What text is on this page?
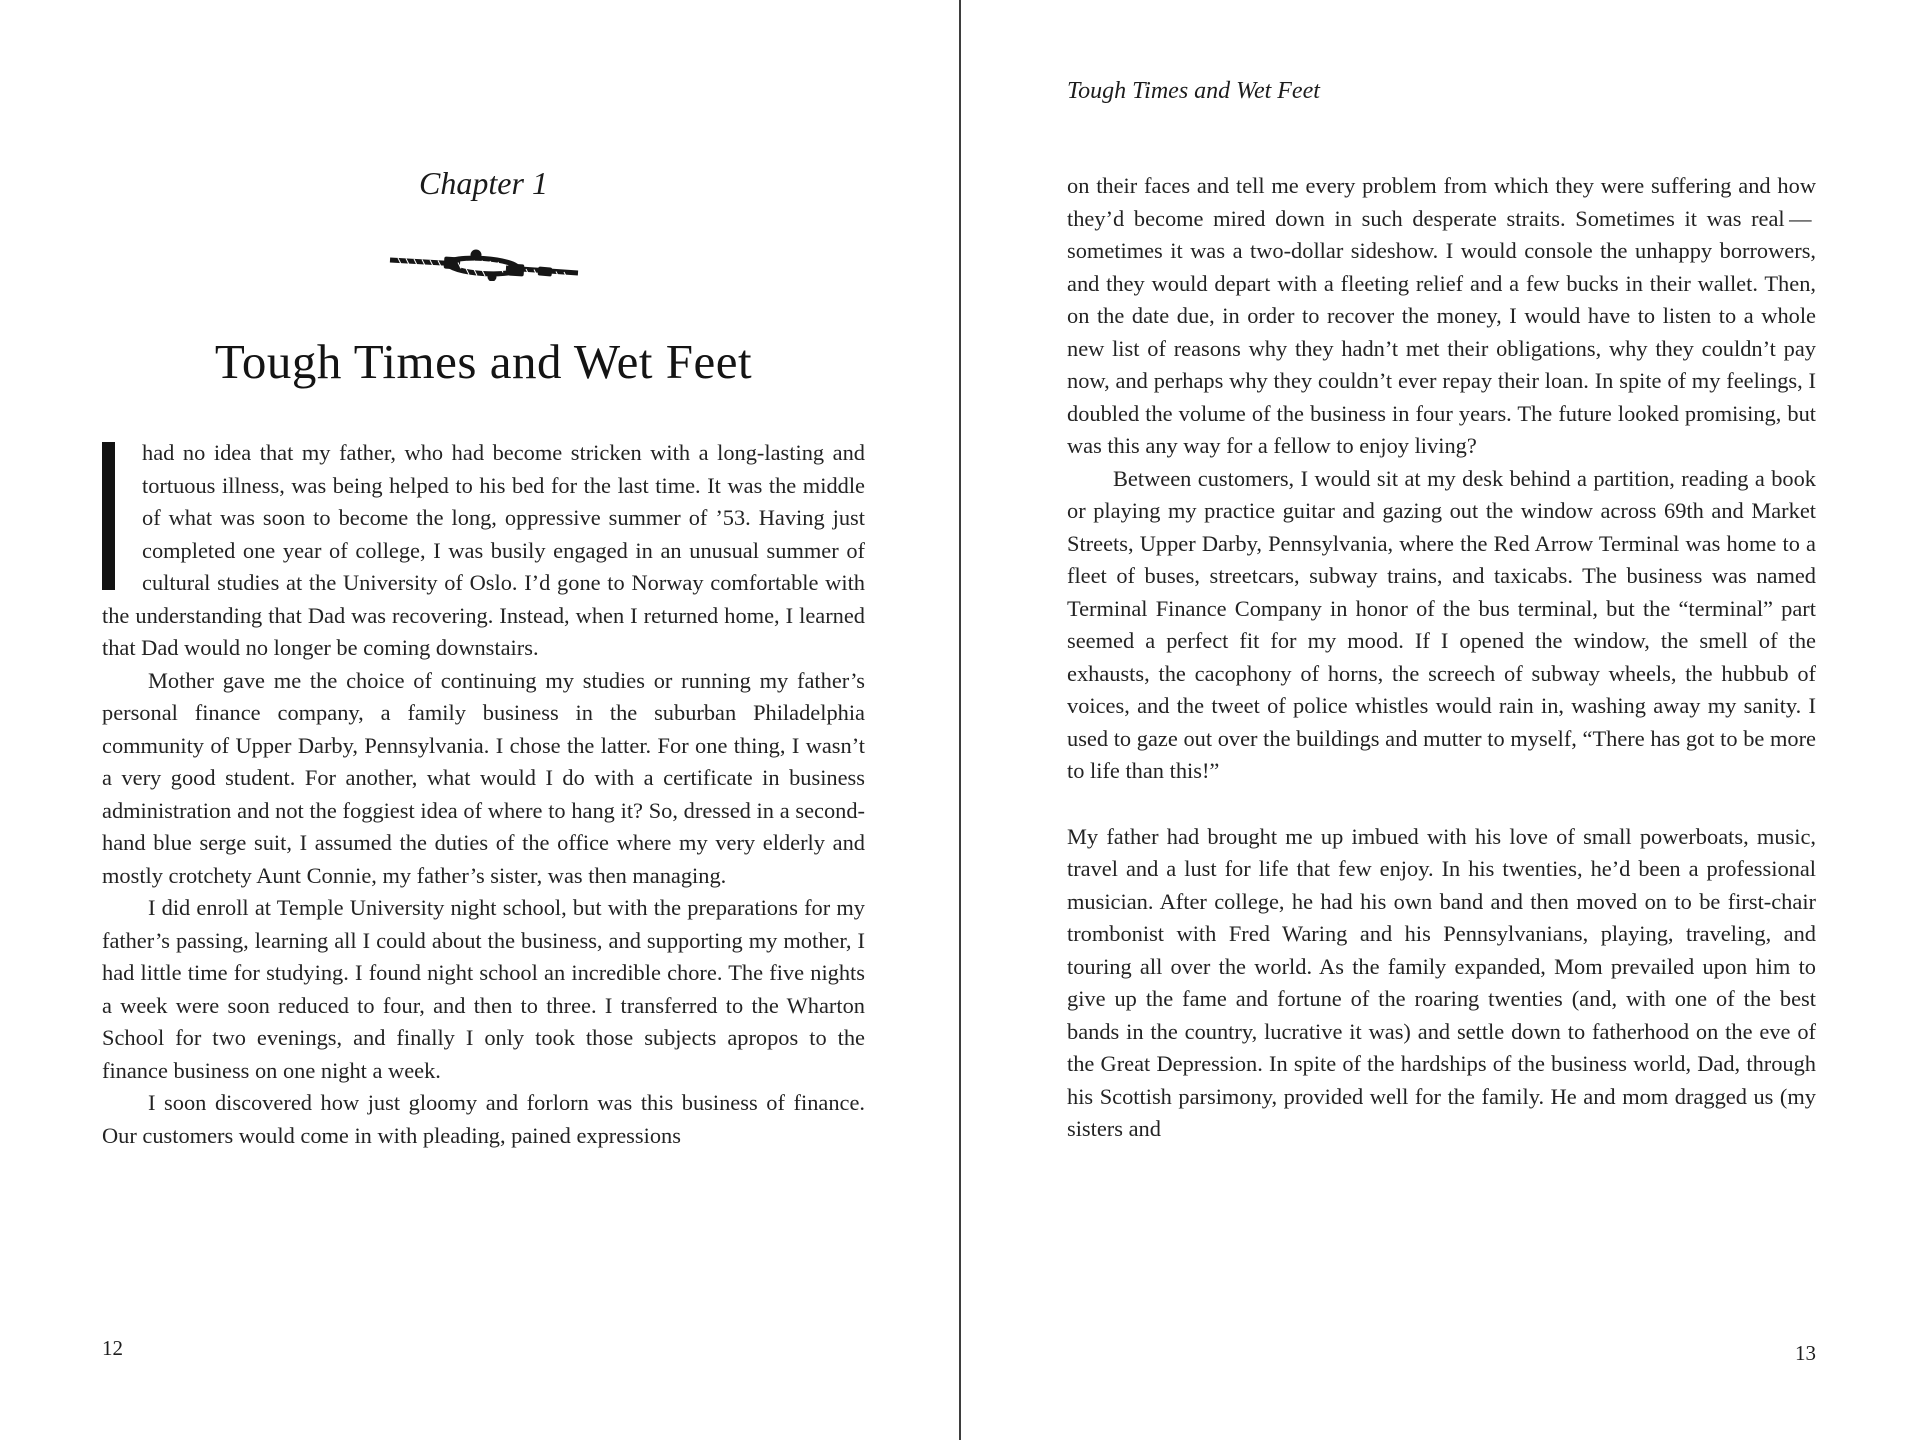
Chapter 1
Tough Times and Wet Feet

had no idea that my father, who had become stricken with a long-lasting and tortuous illness, was being helped to his bed for the last time. It was the middle of what was soon to become the long, oppressive summer of ’53. Having just completed one year of college, I was busily engaged in an unusual summer of cultural studies at the University of Oslo. I’d gone to Norway comfortable with the understanding that Dad was recovering. Instead, when I returned home, I learned that Dad would no longer be coming downstairs.

Mother gave me the choice of continuing my studies or running my father’s personal finance company, a family business in the suburban Philadelphia community of Upper Darby, Pennsylvania. I chose the latter. For one thing, I wasn’t a very good student. For another, what would I do with a certificate in business administration and not the foggiest idea of where to hang it? So, dressed in a second-hand blue serge suit, I assumed the duties of the office where my very elderly and mostly crotchety Aunt Connie, my father’s sister, was then managing.

I did enroll at Temple University night school, but with the preparations for my father’s passing, learning all I could about the business, and supporting my mother, I had little time for studying. I found night school an incredible chore. The five nights a week were soon reduced to four, and then to three. I transferred to the Wharton School for two evenings, and finally I only took those subjects apropos to the finance business on one night a week.

I soon discovered how just gloomy and forlorn was this business of finance. Our customers would come in with pleading, pained expressions

12
Tough Times and Wet Feet

on their faces and tell me every problem from which they were suffering and how they’d become mired down in such desperate straits. Sometimes it was real — sometimes it was a two-dollar sideshow. I would console the unhappy borrowers, and they would depart with a fleeting relief and a few bucks in their wallet. Then, on the date due, in order to recover the money, I would have to listen to a whole new list of reasons why they hadn’t met their obligations, why they couldn’t pay now, and perhaps why they couldn’t ever repay their loan. In spite of my feelings, I doubled the volume of the business in four years. The future looked promising, but was this any way for a fellow to enjoy living?

Between customers, I would sit at my desk behind a partition, reading a book or playing my practice guitar and gazing out the window across 69th and Market Streets, Upper Darby, Pennsylvania, where the Red Arrow Terminal was home to a fleet of buses, streetcars, subway trains, and taxicabs. The business was named Terminal Finance Company in honor of the bus terminal, but the “terminal” part seemed a perfect fit for my mood. If I opened the window, the smell of the exhausts, the cacophony of horns, the screech of subway wheels, the hubbub of voices, and the tweet of police whistles would rain in, washing away my sanity. I used to gaze out over the buildings and mutter to myself, “There has got to be more to life than this!”

My father had brought me up imbued with his love of small powerboats, music, travel and a lust for life that few enjoy. In his twenties, he’d been a professional musician. After college, he had his own band and then moved on to be first-chair trombonist with Fred Waring and his Pennsylvanians, playing, traveling, and touring all over the world. As the family expanded, Mom prevailed upon him to give up the fame and fortune of the roaring twenties (and, with one of the best bands in the country, lucrative it was) and settle down to fatherhood on the eve of the Great Depression. In spite of the hardships of the business world, Dad, through his Scottish parsimony, provided well for the family. He and mom dragged us (my sisters and

13
